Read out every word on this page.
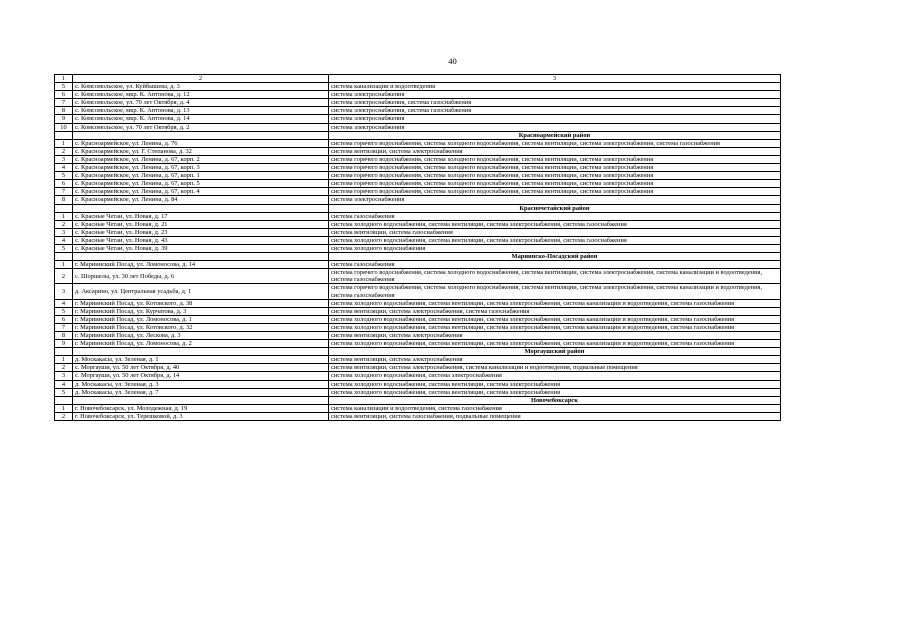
40
1	2	3
5	с. Комсомольское, ул. Куйбышева, д. 3	система канализации и водоотведения
6	с. Комсомольское, мкр. К. Антонова, д. 12	система электроснабжения
7	с. Комсомольское, ул. 70 лет Октября, д. 4	система электроснабжения, система газоснабжения
8	с. Комсомольское, мкр. К. Антонова, д. 13	система электроснабжения, система газоснабжения
9	с. Комсомольское, мкр. К. Антонова, д. 14	система электроснабжения
10	с. Комсомольское, ул. 70 лет Октября, д. 2	система электроснабжения
		Красноармейский район
1	с. Красноармейское, ул. Ленина, д. 76	система горячего водоснабжения, система холодного водоснабжения, система вентиляции, система электроснабжения, система газоснабжения
2	с. Красноармейское, ул. Г. Степанова, д. 32	система вентиляции, система электроснабжения
3	с. Красноармейское, ул. Ленина, д. 67, корп. 2	система горячего водоснабжения, система холодного водоснабжения, система вентиляции, система электроснабжения
4	с. Красноармейское, ул. Ленина, д. 67, корп. 3	система горячего водоснабжения, система холодного водоснабжения, система вентиляции, система электроснабжения
5	с. Красноармейское, ул. Ленина, д. 67, корп. 1	система горячего водоснабжения, система холодного водоснабжения, система вентиляции, система электроснабжения
6	с. Красноармейское, ул. Ленина, д. 67, корп. 5	система горячего водоснабжения, система холодного водоснабжения, система вентиляции, система электроснабжения
7	с. Красноармейское, ул. Ленина, д. 67, корп. 4	система горячего водоснабжения, система холодного водоснабжения, система вентиляции, система электроснабжения
8	с. Красноармейское, ул. Ленина, д. 84	система электроснабжения
		Красночетайский район
1	с. Красные Четаи, ул. Новая, д. 17	система газоснабжения
2	с. Красные Четаи, ул. Новая, д. 21	система холодного водоснабжения, система вентиляции, система электроснабжения, система газоснабжения
3	с. Красные Четаи, ул. Новая, д. 23	система вентиляции, система газоснабжения
4	с. Красные Четаи, ул. Новая, д. 43	система холодного водоснабжения, система вентиляции, система электроснабжения, система газоснабжения
5	с. Красные Четаи, ул. Новая, д. 39	система холодного водоснабжения
		Мариинско-Посадский район
1	г. Мариинский Посад, ул. Ломоносова, д. 14	система газоснабжения
2	с. Шоршелы, ул. 30 лет Победы, д. 6	система горячего водоснабжения, система холодного водоснабжения, система вентиляции, система электроснабжения, система канализации и водоотведения, система газоснабжения
3	д. Аксарино, ул. Центральная усадьба, д. 1	система горячего водоснабжения, система холодного водоснабжения, система вентиляции, система электроснабжения, система канализации и водоотведения, система газоснабжения
4	г. Мариинский Посад, ул. Котовского, д. 38	система холодного водоснабжения, система вентиляции, система электроснабжения, система канализации и водоотведения, система газоснабжения
5	г. Мариинский Посад, ул. Курчатова, д. 3	система вентиляции, система электроснабжения, система газоснабжения
6	г. Мариинский Посад, ул. Ломоносова, д. 1	система холодного водоснабжения, система вентиляции, система электроснабжения, система канализации и водоотведения, система газоснабжения
7	г. Мариинский Посад, ул. Котовского, д. 32	система холодного водоснабжения, система вентиляции, система электроснабжения, система канализации и водоотведения, система газоснабжения
8	г. Мариинский Посад, ул. Лескова, д. 3	система вентиляции, система электроснабжения
9	г. Мариинский Посад, ул. Ломоносова, д. 2	система холодного водоснабжения, система вентиляции, система электроснабжения, система канализации и водоотведения, система газоснабжения
		Моргаушский район
1	д. Москакасы, ул. Зеленая, д. 1	система вентиляции, система электроснабжения
2	с. Моргауши, ул. 50 лет Октября, д. 40	система вентиляции, система электроснабжения, система канализации и водоотведения, подвальные помещения
3	с. Моргауши, ул. 50 лет Октября, д. 14	система холодного водоснабжения, система электроснабжения
4	д. Москакасы, ул. Зеленая, д. 3	система холодного водоснабжения, система вентиляции, система электроснабжения
5	д. Москакасы, ул. Зеленая, д. 7	система холодного водоснабжения, система вентиляции, система электроснабжения
		Новочебоксарск
1	г. Новочебоксарск, ул. Молодежная, д. 19	система канализации и водоотведения, система газоснабжения
2	г. Новочебоксарск, ул. Терешковой, д. 3	система вентиляции, система газоснабжения, подвальные помещения
